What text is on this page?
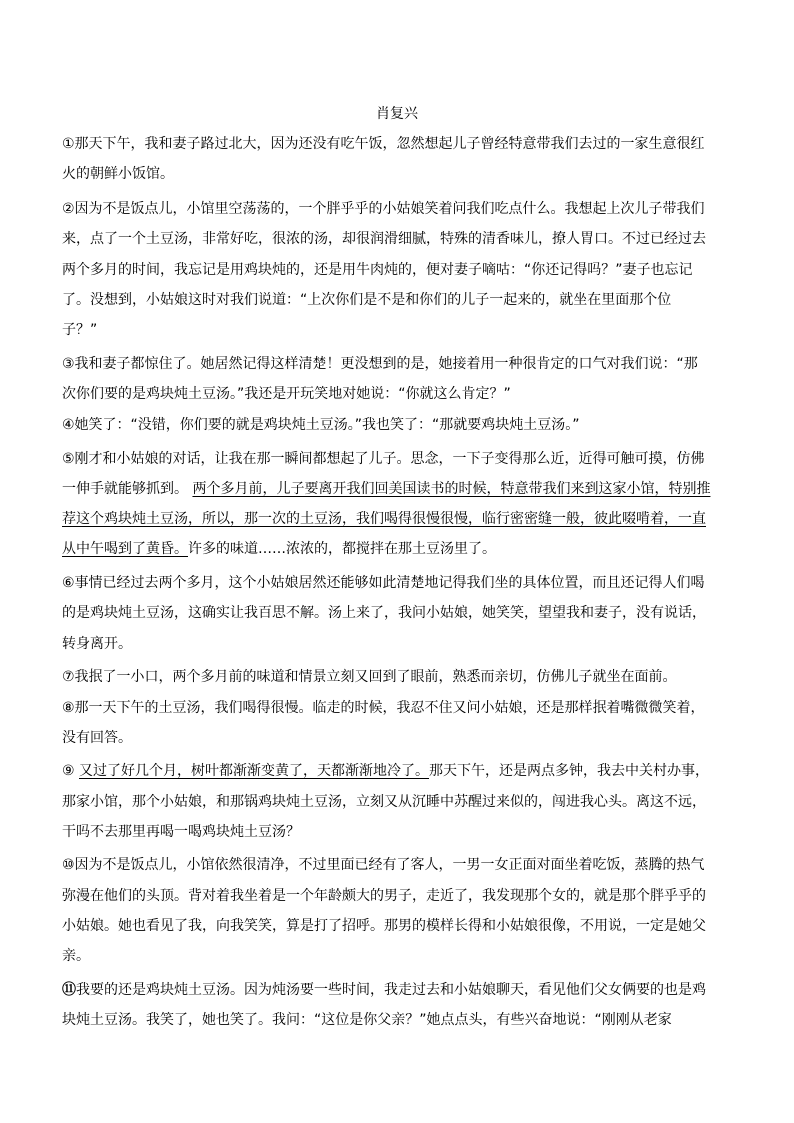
肖复兴
①那天下午，我和妻子路过北大，因为还没有吃午饭，忽然想起儿子曾经特意带我们去过的一家生意很红
火的朝鲜小饭馆。
②因为不是饭点儿，小馆里空荡荡的，一个胖乎乎的小姑娘笑着问我们吃点什么。我想起上次儿子带我们
来，点了一个土豆汤，非常好吃，很浓的汤，却很润滑细腻，特殊的清香味儿，撩人胃口。不过已经过去
两个多月的时间，我忘记是用鸡块炖的，还是用牛肉炖的，便对妻子嘀咕：“你还记得吗？”妻子也忘记
了。没想到，小姑娘这时对我们说道：“上次你们是不是和你们的儿子一起来的，就坐在里面那个位
子？”
③我和妻子都惊住了。她居然记得这样清楚！更没想到的是，她接着用一种很肯定的口气对我们说：“那
次你们要的是鸡块炖土豆汤。”我还是开玩笑地对她说：“你就这么肯定？”
④她笑了：“没错，你们要的就是鸡块炖土豆汤。”我也笑了：“那就要鸡块炖土豆汤。”
⑤刚才和小姑娘的对话，让我在那一瞬间都想起了儿子。思念，一下子变得那么近，近得可触可摸，仿佛
一伸手就能够抓到。 两个多月前，儿子要离开我们回美国读书的时候，特意带我们来到这家小馆，特别推
荐这个鸡块炖土豆汤，所以，那一次的土豆汤，我们喝得很慢很慢，临行密密缝一般，彼此啜啃着，一直
从中午喝到了黄昏。许多的味道……浓浓的，都搅拌在那土豆汤里了。
⑥事情已经过去两个多月，这个小姑娘居然还能够如此清楚地记得我们坐的具体位置，而且还记得人们喝
的是鸡块炖土豆汤，这确实让我百思不解。汤上来了，我问小姑娘，她笑笑，望望我和妻子，没有说话，
转身离开。
⑦我抿了一小口，两个多月前的味道和情景立刻又回到了眼前，熟悉而亲切，仿佛儿子就坐在面前。
⑧那一天下午的土豆汤，我们喝得很慢。临走的时候，我忍不住又问小姑娘，还是那样抿着嘴微微笑着，
没有回答。
⑨ 又过了好几个月，树叶都渐渐变黄了，天都渐渐地冷了。那天下午，还是两点多钟，我去中关村办事，
那家小馆，那个小姑娘，和那锅鸡块炖土豆汤，立刻又从沉睡中苏醒过来似的，闯进我心头。离这不远，
干吗不去那里再喝一喝鸡块炖土豆汤？
⑩因为不是饭点儿，小馆依然很清净，不过里面已经有了客人，一男一女正面对面坐着吃饭，蒸腾的热气
弥漫在他们的头顶。背对着我坐着是一个年龄颇大的男子，走近了，我发现那个女的，就是那个胖乎乎的
小姑娘。她也看见了我，向我笑笑，算是打了招呼。那男的模样长得和小姑娘很像，不用说，一定是她父
亲。
⑪我要的还是鸡块炖土豆汤。因为炖汤要一些时间，我走过去和小姑娘聊天，看见他们父女俩要的也是鸡
块炖土豆汤。我笑了，她也笑了。我问：“这位是你父亲？”她点点头，有些兴奋地说：“刚刚从老家
